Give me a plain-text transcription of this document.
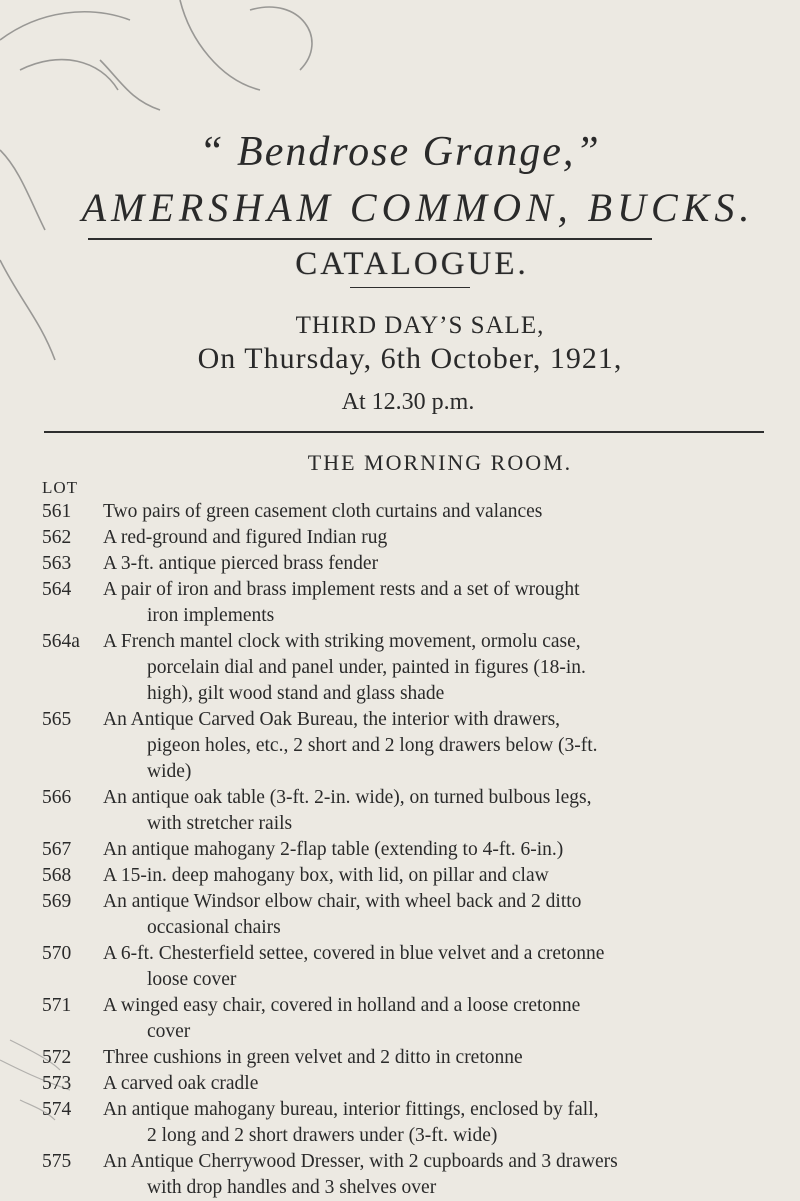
“ Bendrose Grange,”
AMERSHAM COMMON, BUCKS.
CATALOGUE.
THIRD DAY’S SALE,
On Thursday, 6th October, 1921,
At 12.30 p.m.
THE MORNING ROOM.
LOT
561	Two pairs of green casement cloth curtains and valances
562	A red-ground and figured Indian rug
563	A 3-ft. antique pierced brass fender
564	A pair of iron and brass implement rests and a set of wrought
iron implements
564a	A French mantel clock with striking movement, ormolu case,
porcelain dial and panel under, painted in figures (18-in.
high), gilt wood stand and glass shade
565	An Antique Carved Oak Bureau, the interior with drawers,
pigeon holes, etc., 2 short and 2 long drawers below (3-ft.
wide)
566	An antique oak table (3-ft. 2-in. wide), on turned bulbous legs,
with stretcher rails
567	An antique mahogany 2-flap table (extending to 4-ft. 6-in.)
568	A 15-in. deep mahogany box, with lid, on pillar and claw
569	An antique Windsor elbow chair, with wheel back and 2 ditto
occasional chairs
570	A 6-ft. Chesterfield settee, covered in blue velvet and a cretonne
loose cover
571	A winged easy chair, covered in holland and a loose cretonne
cover
572	Three cushions in green velvet and 2 ditto in cretonne
573	A carved oak cradle
574	An antique mahogany bureau, interior fittings, enclosed by fall,
2 long and 2 short drawers under (3-ft. wide)
575	An Antique Cherrywood Dresser, with 2 cupboards and 3 drawers
with drop handles and 3 shelves over
